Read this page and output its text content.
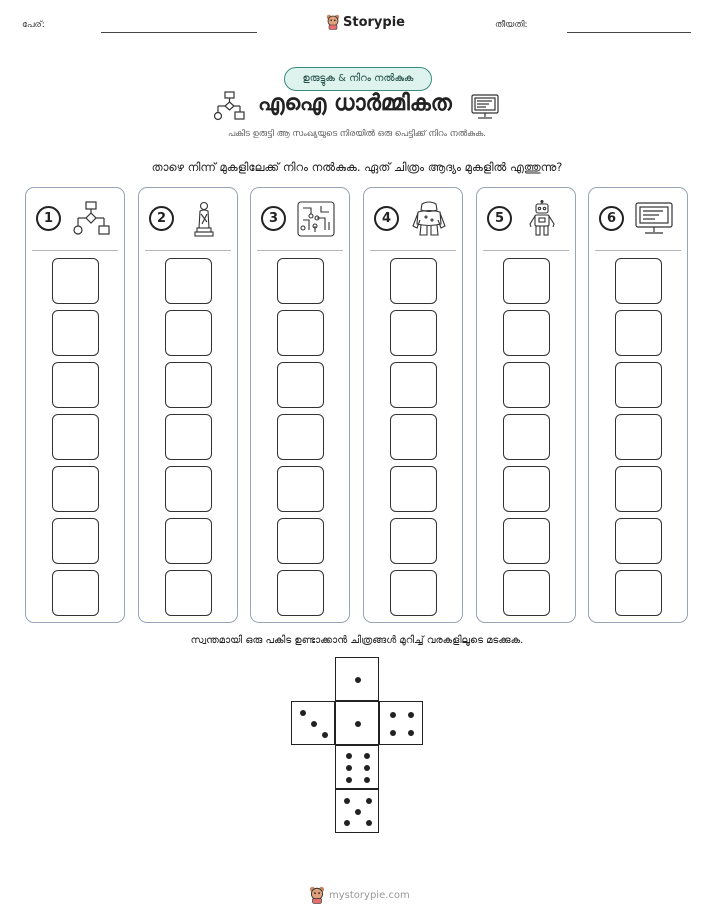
പേര്:	Storypie	തീയതി:
ഉരുട്ടുക & നിറം നൽകുക
എഐ ധാർമ്മികത
പകിട ഉരുട്ടി ആ സംഖ്യയുടെ നിരയിൽ ഒരു പെട്ടിക്ക് നിറം നൽകുക.
താഴെ നിന്ന് മുകളിലേക്ക് നിറം നൽകുക. ഏത് ചിത്രം ആദ്യം മുകളിൽ എത്തുന്നു?
1	2	3	4	5	6
സ്വന്തമായി ഒരു പകിട ഉണ്ടാക്കാൻ ചിത്രങ്ങൾ മുറിച്ച് വരകളിലൂടെ മടക്കുക.
mystorypie.com
